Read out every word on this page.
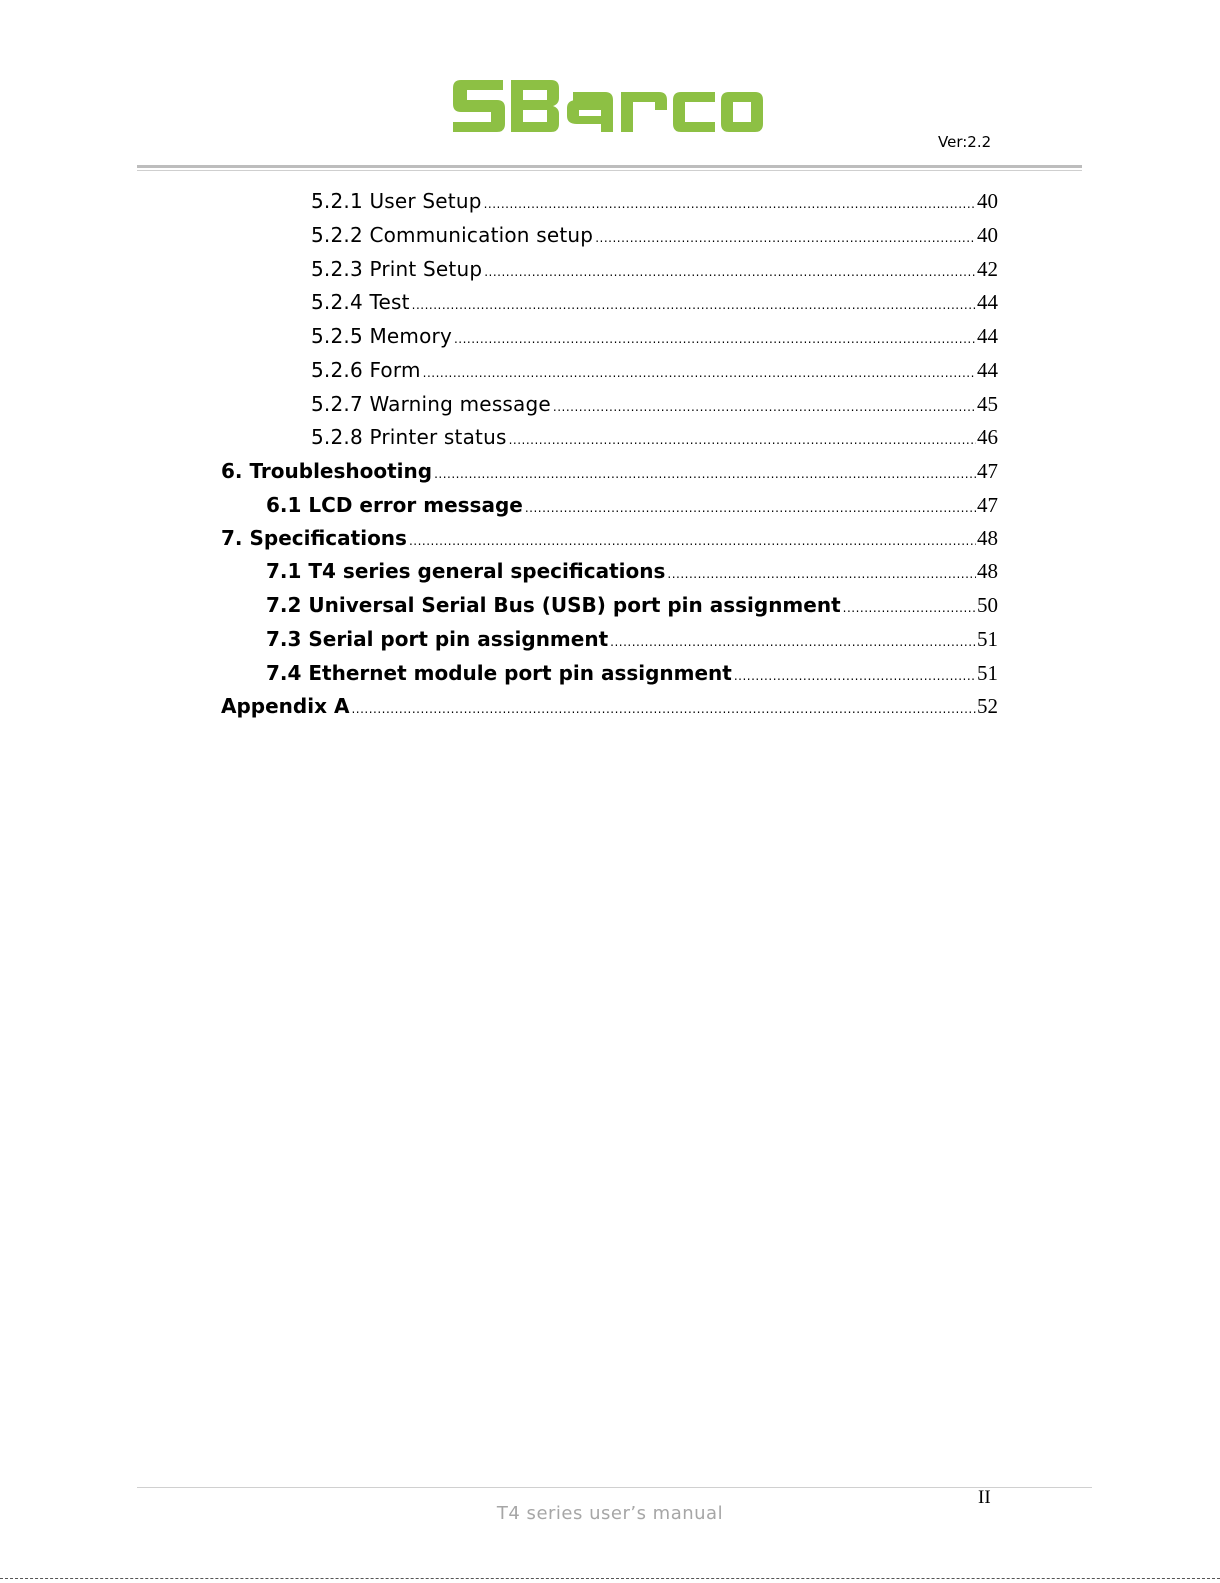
Ver:2.2
5.2.1 User Setup .....	40
5.2.2 Communication setup .....	40
5.2.3 Print Setup .....	42
5.2.4 Test .....	44
5.2.5 Memory .....	44
5.2.6 Form .....	44
5.2.7 Warning message .....	45
5.2.8 Printer status .....	46
6. Troubleshooting .....	47
6.1 LCD error message .....	47
7. Specifications .....	48
7.1 T4 series general specifications .....	48
7.2 Universal Serial Bus (USB) port pin assignment .....	50
7.3 Serial port pin assignment .....	51
7.4 Ethernet module port pin assignment .....	51
Appendix A .....	52
II
T4 series user’s manual
